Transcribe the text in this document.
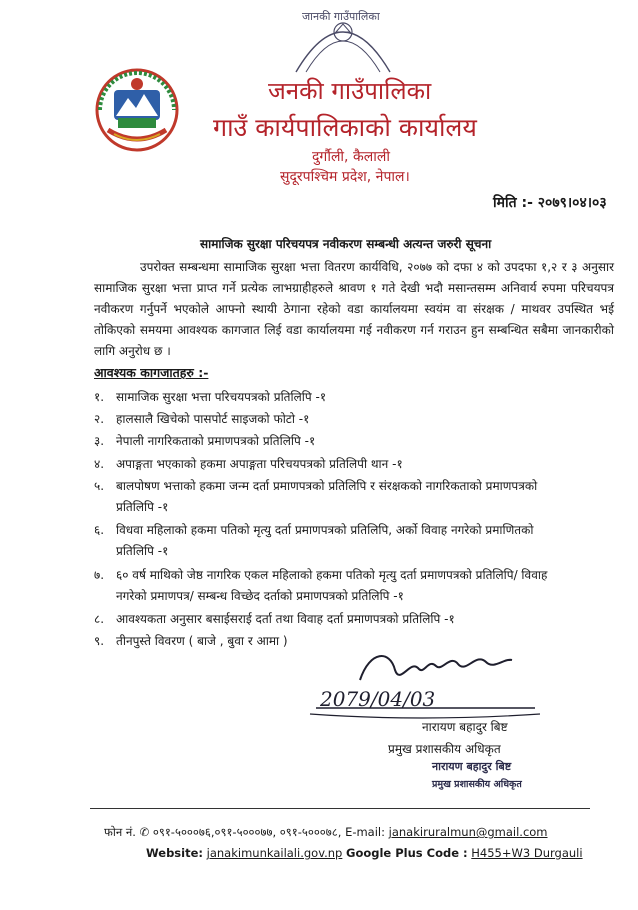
जानकी गाउँपालिका
जनकी गाउँपालिका
गाउँ कार्यपालिकाको कार्यालय
दुर्गौली, कैलाली
सुदूरपश्चिम प्रदेश, नेपाल।
मिति :- २०७९।०४।०३
सामाजिक सुरक्षा परिचयपत्र नवीकरण सम्बन्धी अत्यन्त जरुरी सूचना
उपरोक्त सम्बन्धमा सामाजिक सुरक्षा भत्ता वितरण कार्यविधि, २०७७ को दफा ४ को उपदफा १,२ र ३ अनुसार सामाजिक सुरक्षा भत्ता प्राप्त गर्ने प्रत्येक लाभग्राहीहरुले श्रावण १ गते देखी भदौ मसान्तसम्म अनिवार्य रुपमा परिचयपत्र नवीकरण गर्नुपर्ने भएकोले आफ्नो स्थायी ठेगाना रहेको वडा कार्यालयमा स्वयंम वा संरक्षक / माथवर उपस्थित भई तोकिएको समयमा आवश्यक कागजात लिई वडा कार्यालयमा गई नवीकरण गर्न गराउन हुन सम्बन्धित सबैमा जानकारीको लागि अनुरोध छ ।
आवश्यक कागजातहरु :-
१. सामाजिक सुरक्षा भत्ता परिचयपत्रको प्रतिलिपि -१
२. हालसालै खिचेको पासपोर्ट साइजको फोटो -१
३. नेपाली नागरिकताको प्रमाणपत्रको प्रतिलिपि -१
४. अपाङ्गता भएकाको हकमा अपाङ्गता परिचयपत्रको प्रतिलिपी थान -१
५. बालपोषण भत्ताको हकमा जन्म दर्ता प्रमाणपत्रको प्रतिलिपि र संरक्षकको नागरिकताको प्रमाणपत्रको
प्रतिलिपि -१
६. विधवा महिलाको हकमा पतिको मृत्यु दर्ता प्रमाणपत्रको प्रतिलिपि, अर्को विवाह नगरेको प्रमाणितको
प्रतिलिपि -१
७. ६० वर्ष माथिको जेष्ठ नागरिक एकल महिलाको हकमा पतिको मृत्यु दर्ता प्रमाणपत्रको प्रतिलिपि/ विवाह
नगरेको प्रमाणपत्र/ सम्बन्ध विच्छेद दर्ताको प्रमाणपत्रको प्रतिलिपि -१
८. आवश्यकता अनुसार बसाईसराई दर्ता तथा विवाह दर्ता प्रमाणपत्रको प्रतिलिपि -१
९. तीनपुस्ते विवरण ( बाजे , बुवा र आमा )
2079/04/03
नारायण बहादुर बिष्ट
प्रमुख प्रशासकीय अधिकृत
नारायण बहादुर बिष्ट
प्रमुख प्रशासकीय अधिकृत
फोन नं. ✆ ०९१-५०००७६,०९१-५०००७७, ०९१-५०००७८, E-mail: janakiruralmun@gmail.com
Website: janakimunkailali.gov.np Google Plus Code : H455+W3 Durgauli
